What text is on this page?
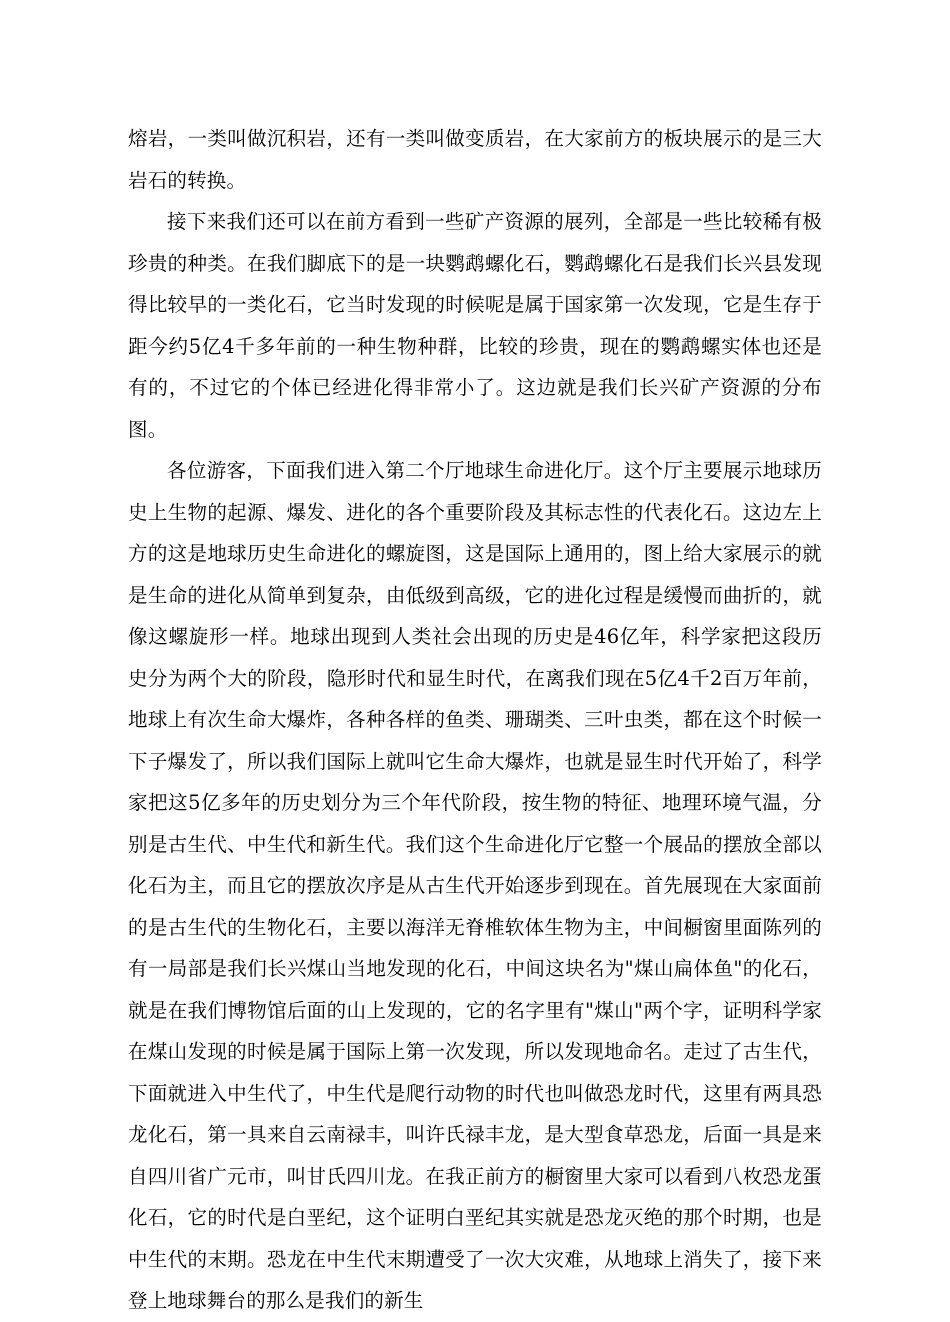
熔岩，一类叫做沉积岩，还有一类叫做变质岩，在大家前方的板块展示的是三大岩石的转换。

接下来我们还可以在前方看到一些矿产资源的展列，全部是一些比较稀有极珍贵的种类。在我们脚底下的是一块鹦鹉螺化石，鹦鹉螺化石是我们长兴县发现得比较早的一类化石，它当时发现的时候呢是属于国家第一次发现，它是生存于距今约5亿4千多年前的一种生物种群，比较的珍贵，现在的鹦鹉螺实体也还是有的，不过它的个体已经进化得非常小了。这边就是我们长兴矿产资源的分布图。

各位游客，下面我们进入第二个厅地球生命进化厅。这个厅主要展示地球历史上生物的起源、爆发、进化的各个重要阶段及其标志性的代表化石。这边左上方的这是地球历史生命进化的螺旋图，这是国际上通用的，图上给大家展示的就是生命的进化从简单到复杂，由低级到高级，它的进化过程是缓慢而曲折的，就像这螺旋形一样。地球出现到人类社会出现的历史是46亿年，科学家把这段历史分为两个大的阶段，隐形时代和显生时代，在离我们现在5亿4千2百万年前，地球上有次生命大爆炸，各种各样的鱼类、珊瑚类、三叶虫类，都在这个时候一下子爆发了，所以我们国际上就叫它生命大爆炸，也就是显生时代开始了，科学家把这5亿多年的历史划分为三个年代阶段，按生物的特征、地理环境气温，分别是古生代、中生代和新生代。我们这个生命进化厅它整一个展品的摆放全部以化石为主，而且它的摆放次序是从古生代开始逐步到现在。首先展现在大家面前的是古生代的生物化石，主要以海洋无脊椎软体生物为主，中间橱窗里面陈列的有一局部是我们长兴煤山当地发现的化石，中间这块名为"煤山扁体鱼"的化石，就是在我们博物馆后面的山上发现的，它的名字里有"煤山"两个字，证明科学家在煤山发现的时候是属于国际上第一次发现，所以发现地命名。走过了古生代，下面就进入中生代了，中生代是爬行动物的时代也叫做恐龙时代，这里有两具恐龙化石，第一具来自云南禄丰，叫许氏禄丰龙，是大型食草恐龙，后面一具是来自四川省广元市，叫甘氏四川龙。在我正前方的橱窗里大家可以看到八枚恐龙蛋化石，它的时代是白垩纪，这个证明白垩纪其实就是恐龙灭绝的那个时期，也是中生代的末期。恐龙在中生代末期遭受了一次大灾难，从地球上消失了，接下来登上地球舞台的那么是我们的新生
